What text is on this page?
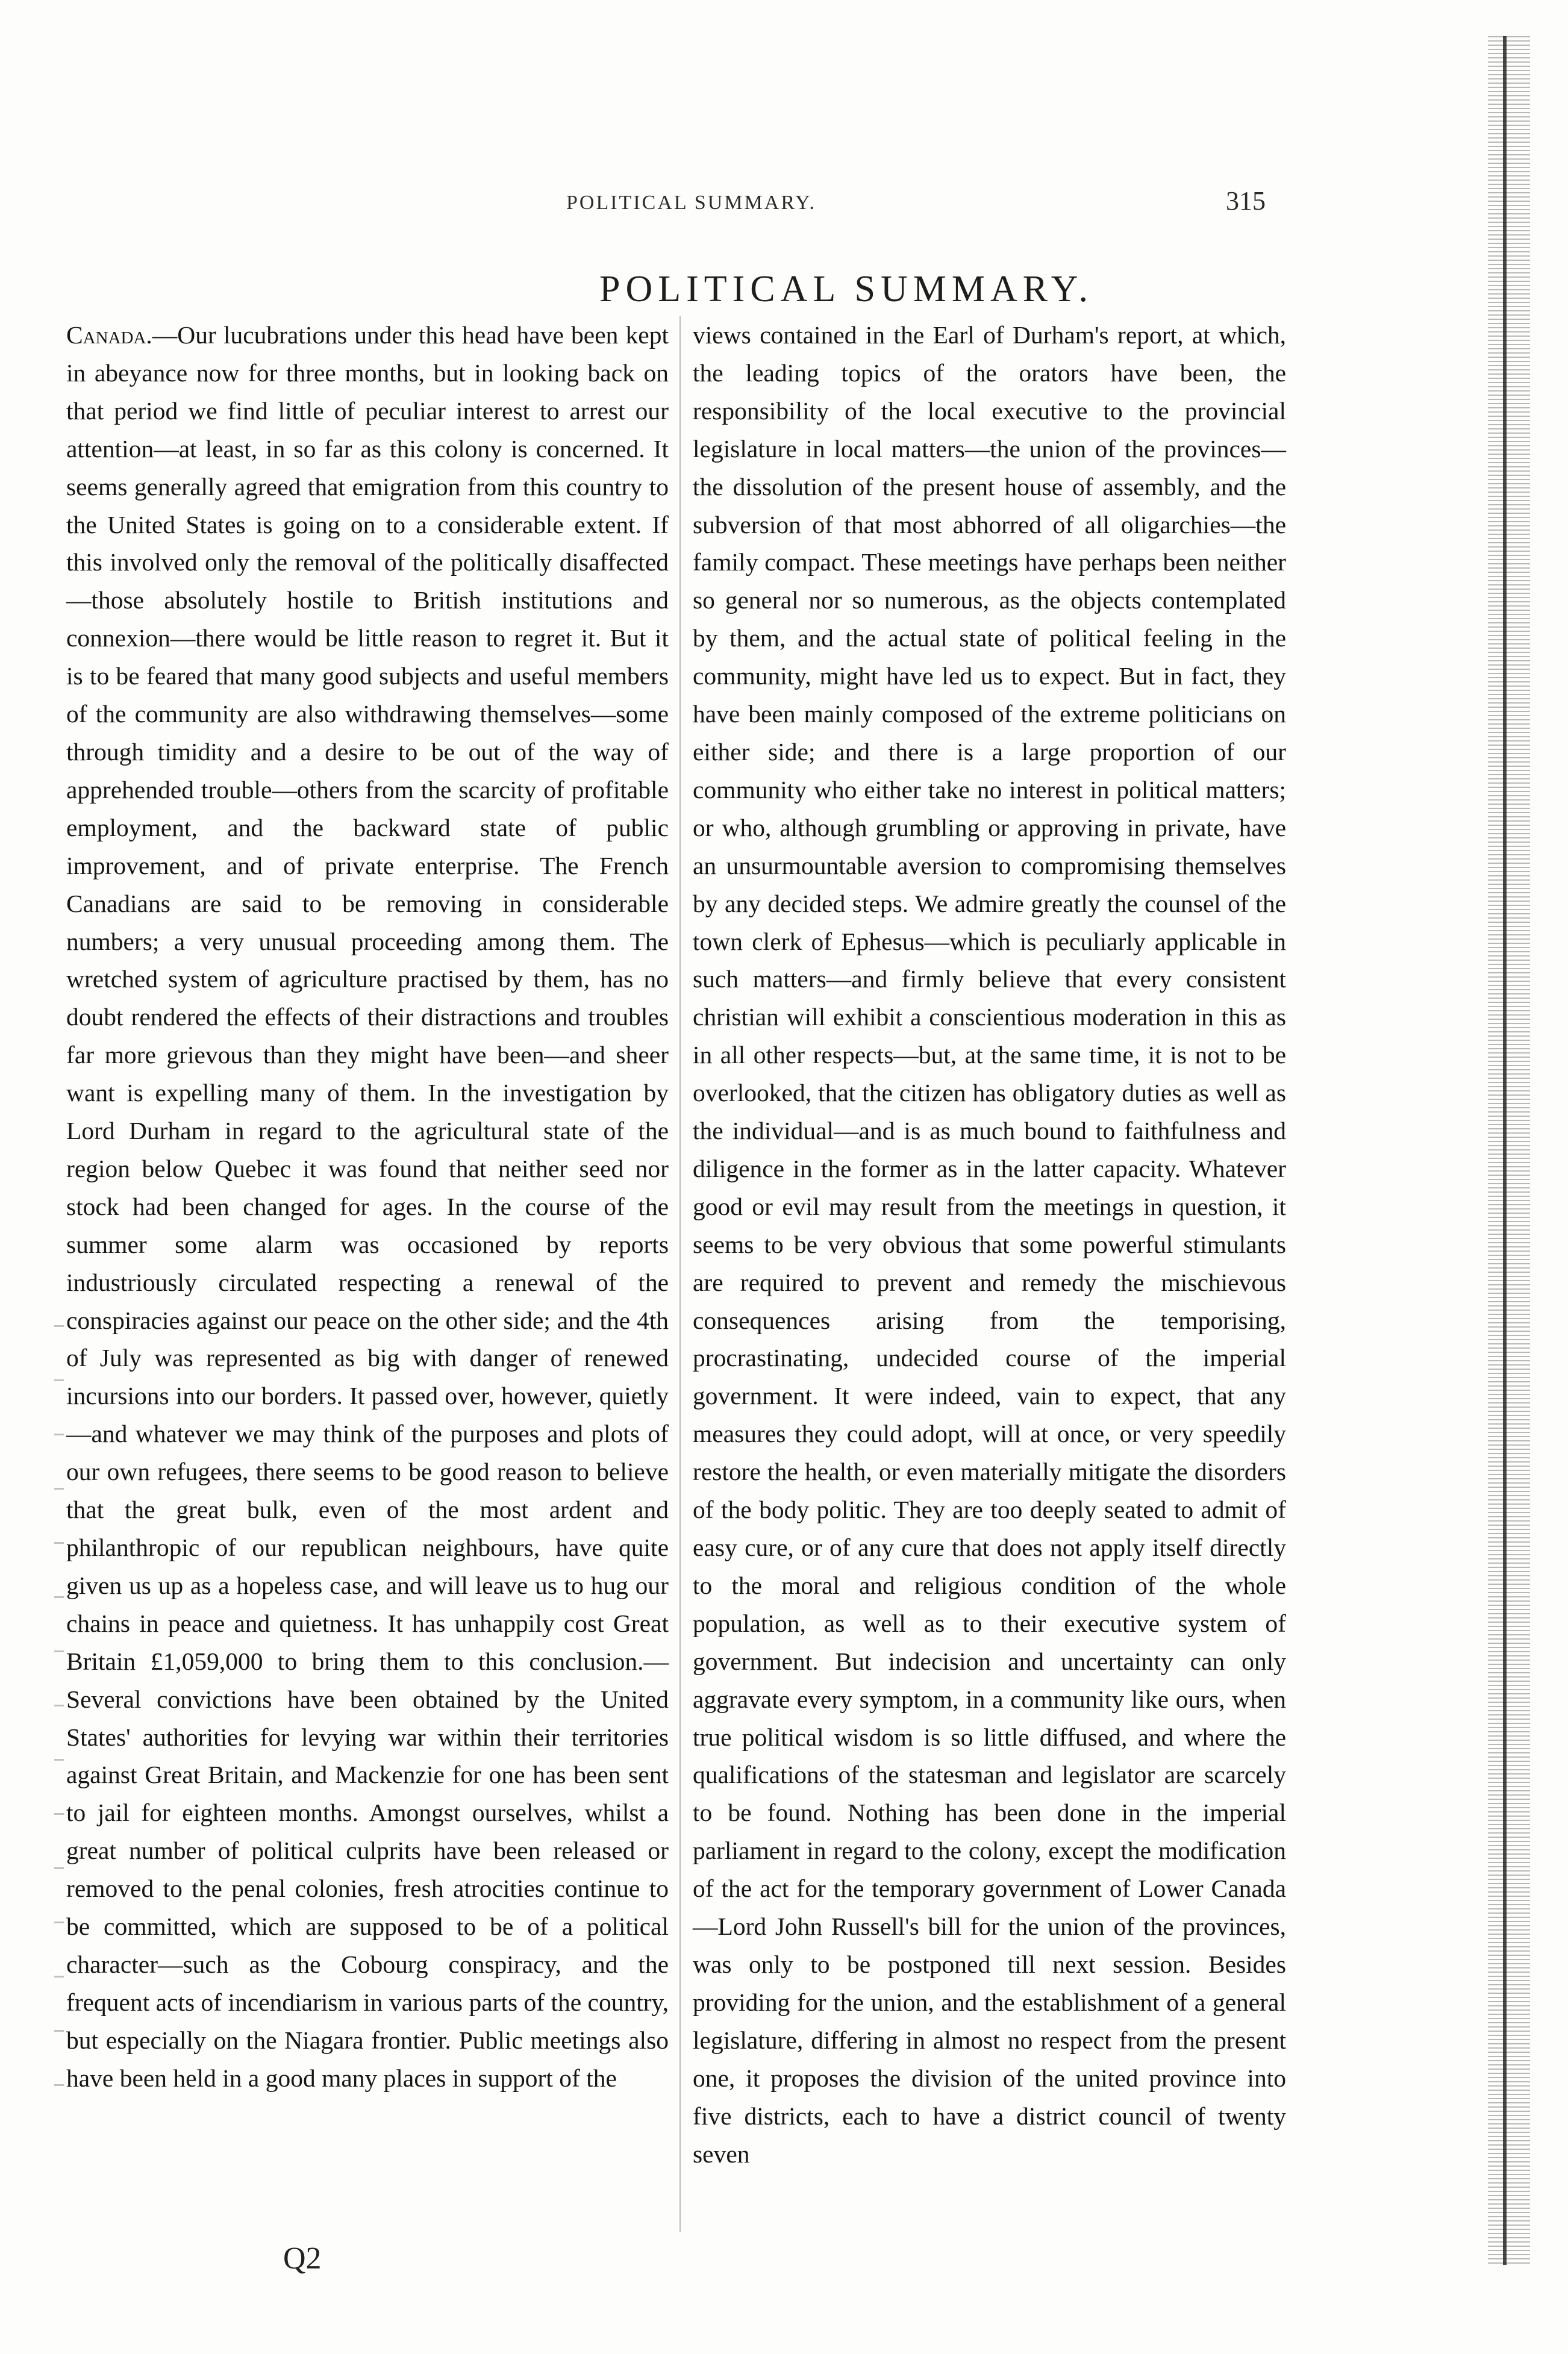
POLITICAL SUMMARY.	315
POLITICAL SUMMARY.
Canada.—Our lucubrations under this head have been kept in abeyance now for three months, but in looking back on that period we find little of peculiar interest to arrest our attention—at least, in so far as this colony is concerned. It seems generally agreed that emigration from this country to the United States is going on to a considerable extent. If this involved only the removal of the politically disaffected—those absolutely hostile to British institutions and connexion—there would be little reason to regret it. But it is to be feared that many good subjects and useful members of the community are also withdrawing themselves—some through timidity and a desire to be out of the way of apprehended trouble—others from the scarcity of profitable employment, and the backward state of public improvement, and of private enterprise. The French Canadians are said to be removing in considerable numbers; a very unusual proceeding among them. The wretched system of agriculture practised by them, has no doubt rendered the effects of their distractions and troubles far more grievous than they might have been—and sheer want is expelling many of them. In the investigation by Lord Durham in regard to the agricultural state of the region below Quebec it was found that neither seed nor stock had been changed for ages. In the course of the summer some alarm was occasioned by reports industriously circulated respecting a renewal of the conspiracies against our peace on the other side; and the 4th of July was represented as big with danger of renewed incursions into our borders. It passed over, however, quietly—and whatever we may think of the purposes and plots of our own refugees, there seems to be good reason to believe that the great bulk, even of the most ardent and philanthropic of our republican neighbours, have quite given us up as a hopeless case, and will leave us to hug our chains in peace and quietness. It has unhappily cost Great Britain £1,059,000 to bring them to this conclusion.—Several convictions have been obtained by the United States' authorities for levying war within their territories against Great Britain, and Mackenzie for one has been sent to jail for eighteen months. Amongst ourselves, whilst a great number of political culprits have been released or removed to the penal colonies, fresh atrocities continue to be committed, which are supposed to be of a political character—such as the Cobourg conspiracy, and the frequent acts of incendiarism in various parts of the country, but especially on the Niagara frontier. Public meetings also have been held in a good many places in support of the
views contained in the Earl of Durham's report, at which, the leading topics of the orators have been, the responsibility of the local executive to the provincial legislature in local matters—the union of the provinces—the dissolution of the present house of assembly, and the subversion of that most abhorred of all oligarchies—the family compact. These meetings have perhaps been neither so general nor so numerous, as the objects contemplated by them, and the actual state of political feeling in the community, might have led us to expect. But in fact, they have been mainly composed of the extreme politicians on either side; and there is a large proportion of our community who either take no interest in political matters; or who, although grumbling or approving in private, have an unsurmountable aversion to compromising themselves by any decided steps. We admire greatly the counsel of the town clerk of Ephesus—which is peculiarly applicable in such matters—and firmly believe that every consistent christian will exhibit a conscientious moderation in this as in all other respects—but, at the same time, it is not to be overlooked, that the citizen has obligatory duties as well as the individual—and is as much bound to faithfulness and diligence in the former as in the latter capacity. Whatever good or evil may result from the meetings in question, it seems to be very obvious that some powerful stimulants are required to prevent and remedy the mischievous consequences arising from the temporising, procrastinating, undecided course of the imperial government. It were indeed, vain to expect, that any measures they could adopt, will at once, or very speedily restore the health, or even materially mitigate the disorders of the body politic. They are too deeply seated to admit of easy cure, or of any cure that does not apply itself directly to the moral and religious condition of the whole population, as well as to their executive system of government. But indecision and uncertainty can only aggravate every symptom, in a community like ours, when true political wisdom is so little diffused, and where the qualifications of the statesman and legislator are scarcely to be found. Nothing has been done in the imperial parliament in regard to the colony, except the modification of the act for the temporary government of Lower Canada—Lord John Russell's bill for the union of the provinces, was only to be postponed till next session. Besides providing for the union, and the establishment of a general legislature, differing in almost no respect from the present one, it proposes the division of the united province into five districts, each to have a district council of twenty seven
Q2
